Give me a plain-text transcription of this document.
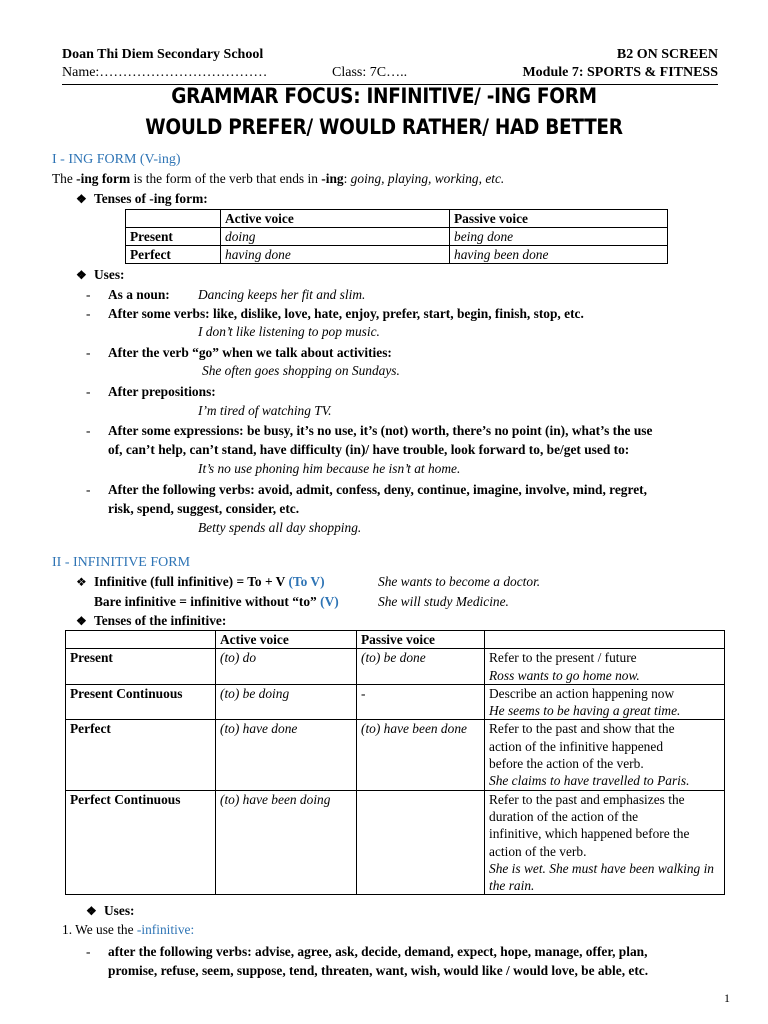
Doan Thi Diem Secondary School	B2 ON SCREEN
Name:………………………………	Class: 7C…..	Module 7: SPORTS & FITNESS
GRAMMAR FOCUS: INFINITIVE/ -ING FORM
WOULD PREFER/ WOULD RATHER/ HAD BETTER
I - ING FORM (V-ing)
The -ing form is the form of the verb that ends in -ing: going, playing, working, etc.
❖ Tenses of -ing form:
	Active voice	Passive voice
Present	doing	being done
Perfect	having done	having been done
❖ Uses:
- As a noun: Dancing keeps her fit and slim.
- After some verbs: like, dislike, love, hate, enjoy, prefer, start, begin, finish, stop, etc.
I don’t like listening to pop music.
- After the verb “go” when we talk about activities:
She often goes shopping on Sundays.
- After prepositions:
I’m tired of watching TV.
- After some expressions: be busy, it’s no use, it’s (not) worth, there’s no point (in), what’s the use
of, can’t help, can’t stand, have difficulty (in)/ have trouble, look forward to, be/get used to:
It’s no use phoning him because he isn’t at home.
- After the following verbs: avoid, admit, confess, deny, continue, imagine, involve, mind, regret,
risk, spend, suggest, consider, etc.
Betty spends all day shopping.
II - INFINITIVE FORM
❖ Infinitive (full infinitive) = To + V (To V)	She wants to become a doctor.
Bare infinitive = infinitive without “to” (V)	She will study Medicine.
❖ Tenses of the infinitive:
	Active voice	Passive voice	
Present	(to) do	(to) be done	Refer to the present / future
Ross wants to go home now.

Present Continuous	(to) be doing	-	Describe an action happening now
He seems to be having a great time.

Perfect	(to) have done	(to) have been done	Refer to the past and show that the
action of the infinitive happened
before the action of the verb.
She claims to have travelled to Paris.

Perfect Continuous	(to) have been doing		Refer to the past and emphasizes the
duration of the action of the
infinitive, which happened before the
action of the verb.
She is wet. She must have been walking in the rain.
❖ Uses:
1. We use the -infinitive:
- after the following verbs: advise, agree, ask, decide, demand, expect, hope, manage, offer, plan,
promise, refuse, seem, suppose, tend, threaten, want, wish, would like / would love, be able, etc.
1
